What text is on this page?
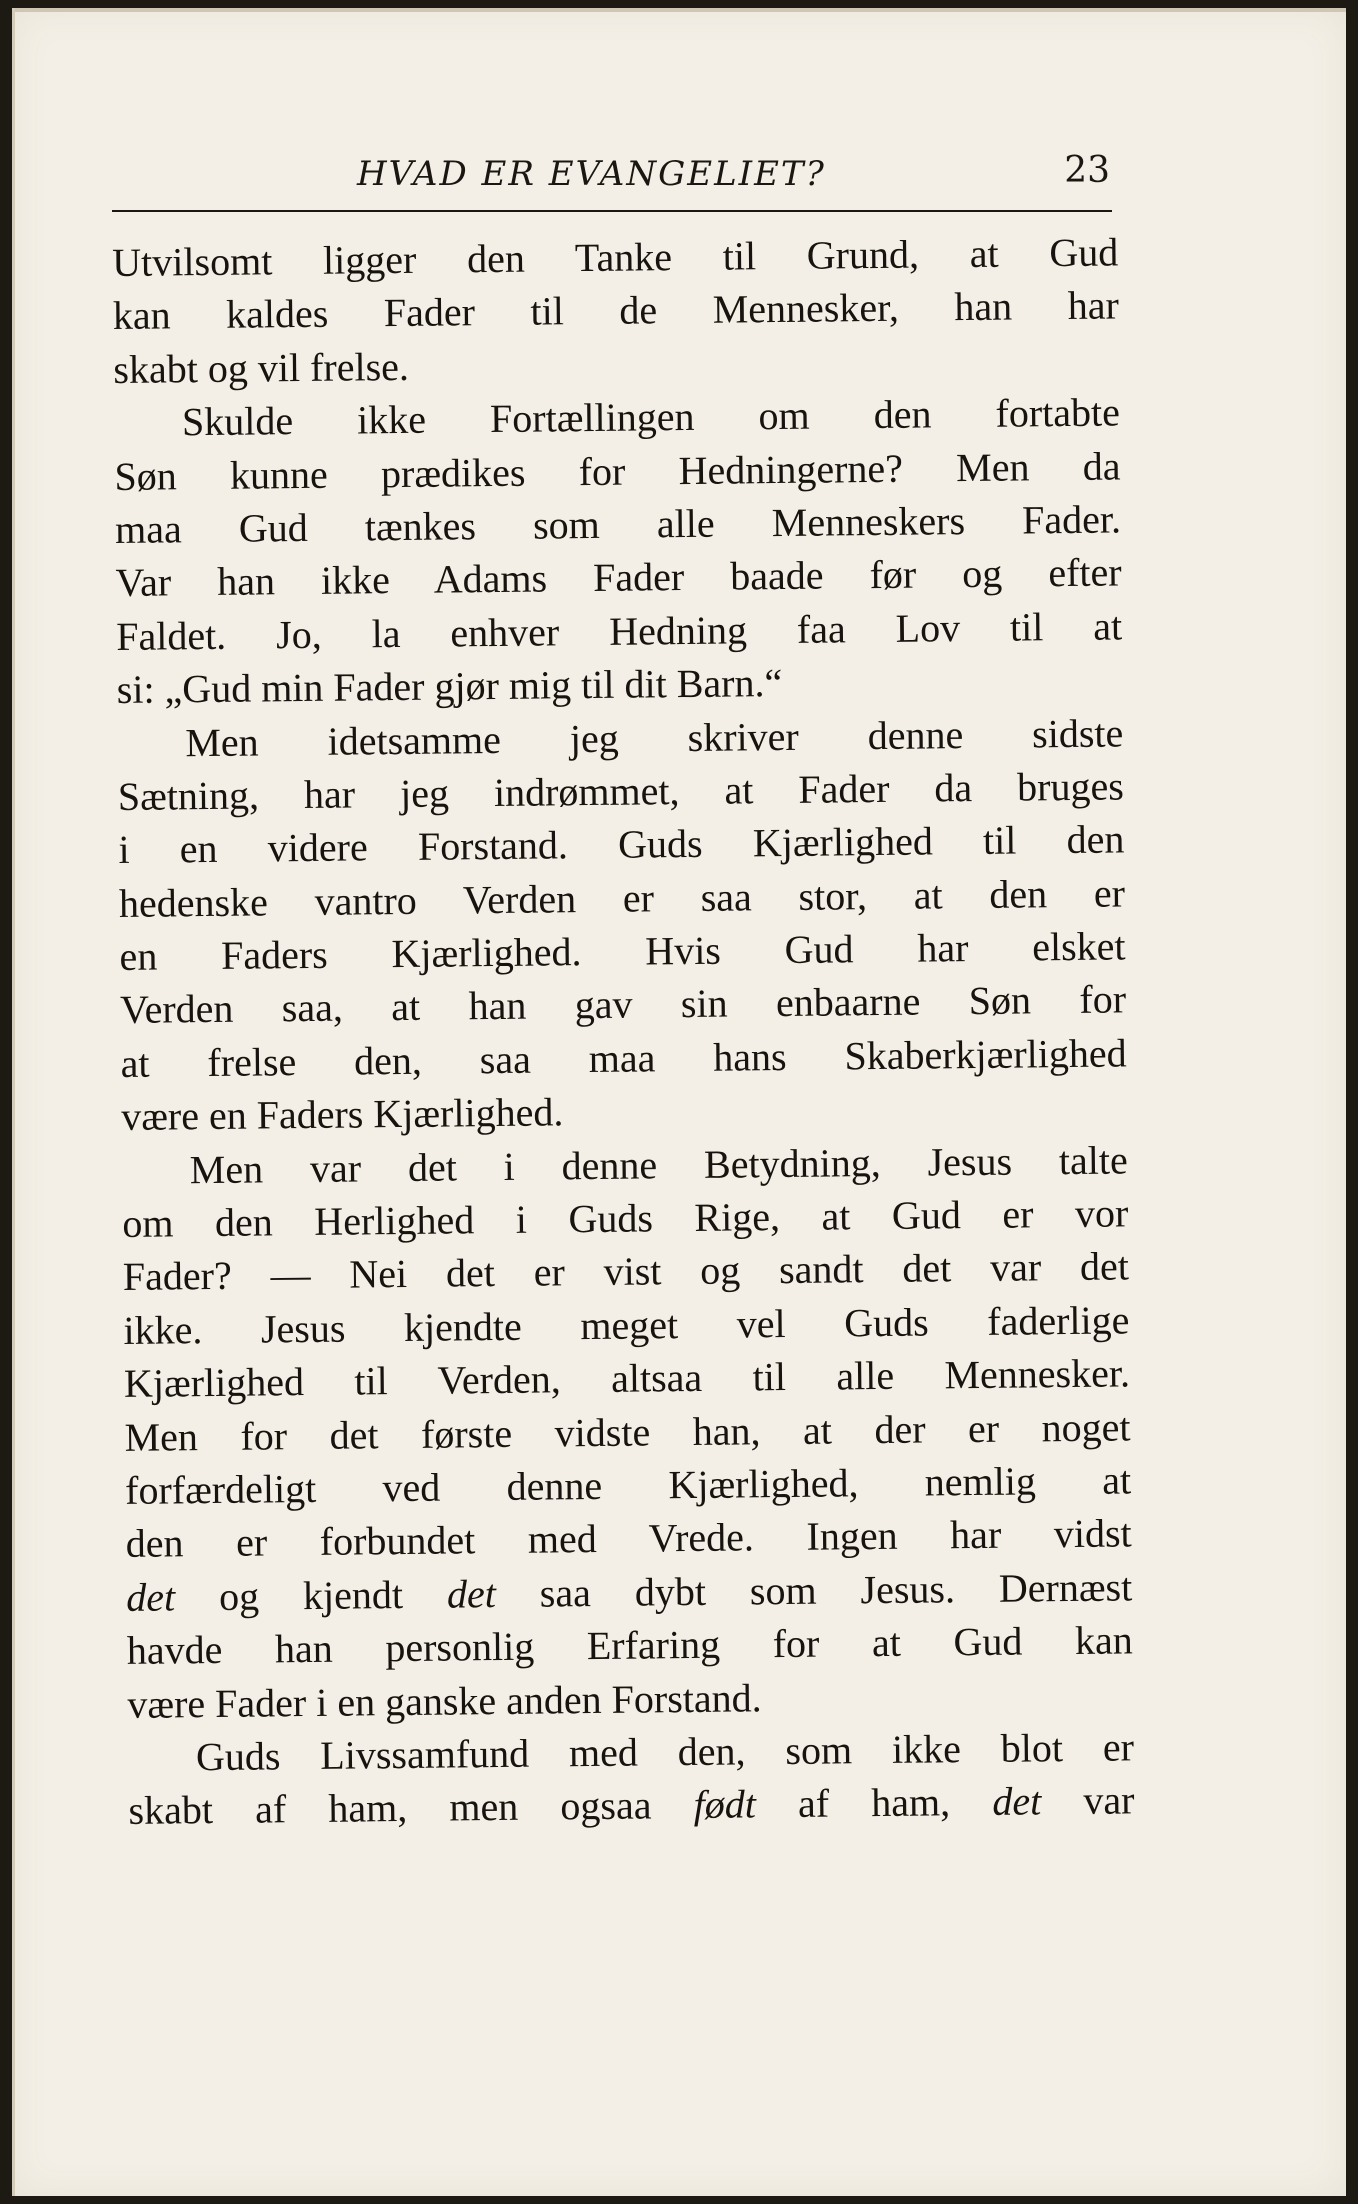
HVAD ER EVANGELIET?	23
Utvilsomt ligger den Tanke til Grund, at Gud
kan kaldes Fader til de Mennesker, han har
skabt og vil frelse.
Skulde ikke Fortællingen om den fortabte
Søn kunne prædikes for Hedningerne? Men da
maa Gud tænkes som alle Menneskers Fader.
Var han ikke Adams Fader baade før og efter
Faldet. Jo, la enhver Hedning faa Lov til at
si: „Gud min Fader gjør mig til dit Barn.“
Men idetsamme jeg skriver denne sidste
Sætning, har jeg indrømmet, at Fader da bruges
i en videre Forstand. Guds Kjærlighed til den
hedenske vantro Verden er saa stor, at den er
en Faders Kjærlighed. Hvis Gud har elsket
Verden saa, at han gav sin enbaarne Søn for
at frelse den, saa maa hans Skaberkjærlighed
være en Faders Kjærlighed.
Men var det i denne Betydning, Jesus talte
om den Herlighed i Guds Rige, at Gud er vor
Fader? — Nei det er vist og sandt det var det
ikke. Jesus kjendte meget vel Guds faderlige
Kjærlighed til Verden, altsaa til alle Mennesker.
Men for det første vidste han, at der er noget
forfærdeligt ved denne Kjærlighed, nemlig at
den er forbundet med Vrede. Ingen har vidst
det og kjendt det saa dybt som Jesus. Dernæst
havde han personlig Erfaring for at Gud kan
være Fader i en ganske anden Forstand.
Guds Livssamfund med den, som ikke blot er
skabt af ham, men ogsaa født af ham, det var
